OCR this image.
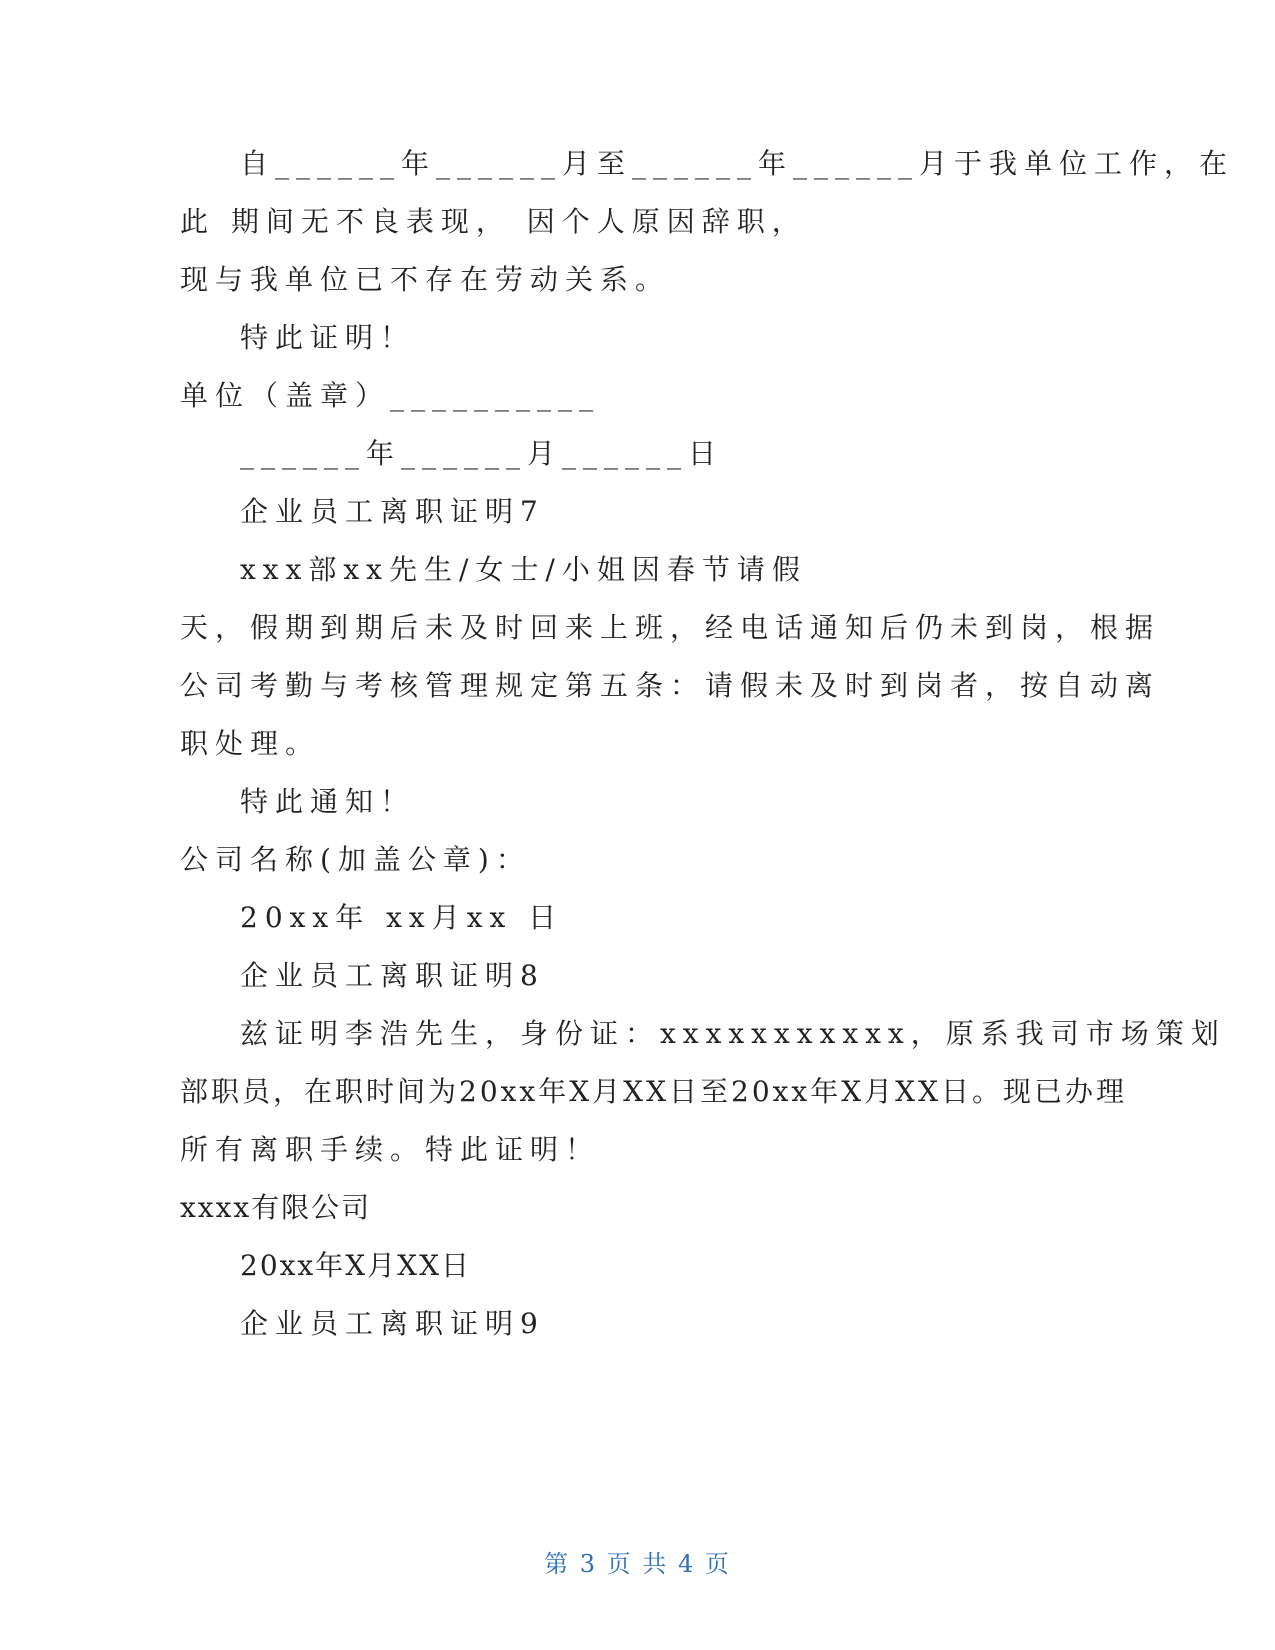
自______年______月至______年______月于我单位工作，在
此 期间无不良表现， 因个人原因辞职，
现与我单位已不存在劳动关系。
特此证明！
单位（盖章）__________
______年______月______日
企业员工离职证明7
xxx部xx先生/女士/小姐因春节请假
天，假期到期后未及时回来上班，经电话通知后仍未到岗，根据
公司考勤与考核管理规定第五条：请假未及时到岗者，按自动离
职处理。
特此通知！
公司名称(加盖公章)：
20xx年 xx月xx 日
企业员工离职证明8
兹证明李浩先生，身份证：xxxxxxxxxxx，原系我司市场策划
部职员，在职时间为20xx年X月XX日至20xx年X月XX日。现已办理
所有离职手续。特此证明！
xxxx有限公司
20xx年X月XX日
企业员工离职证明9
第 3 页 共 4 页
